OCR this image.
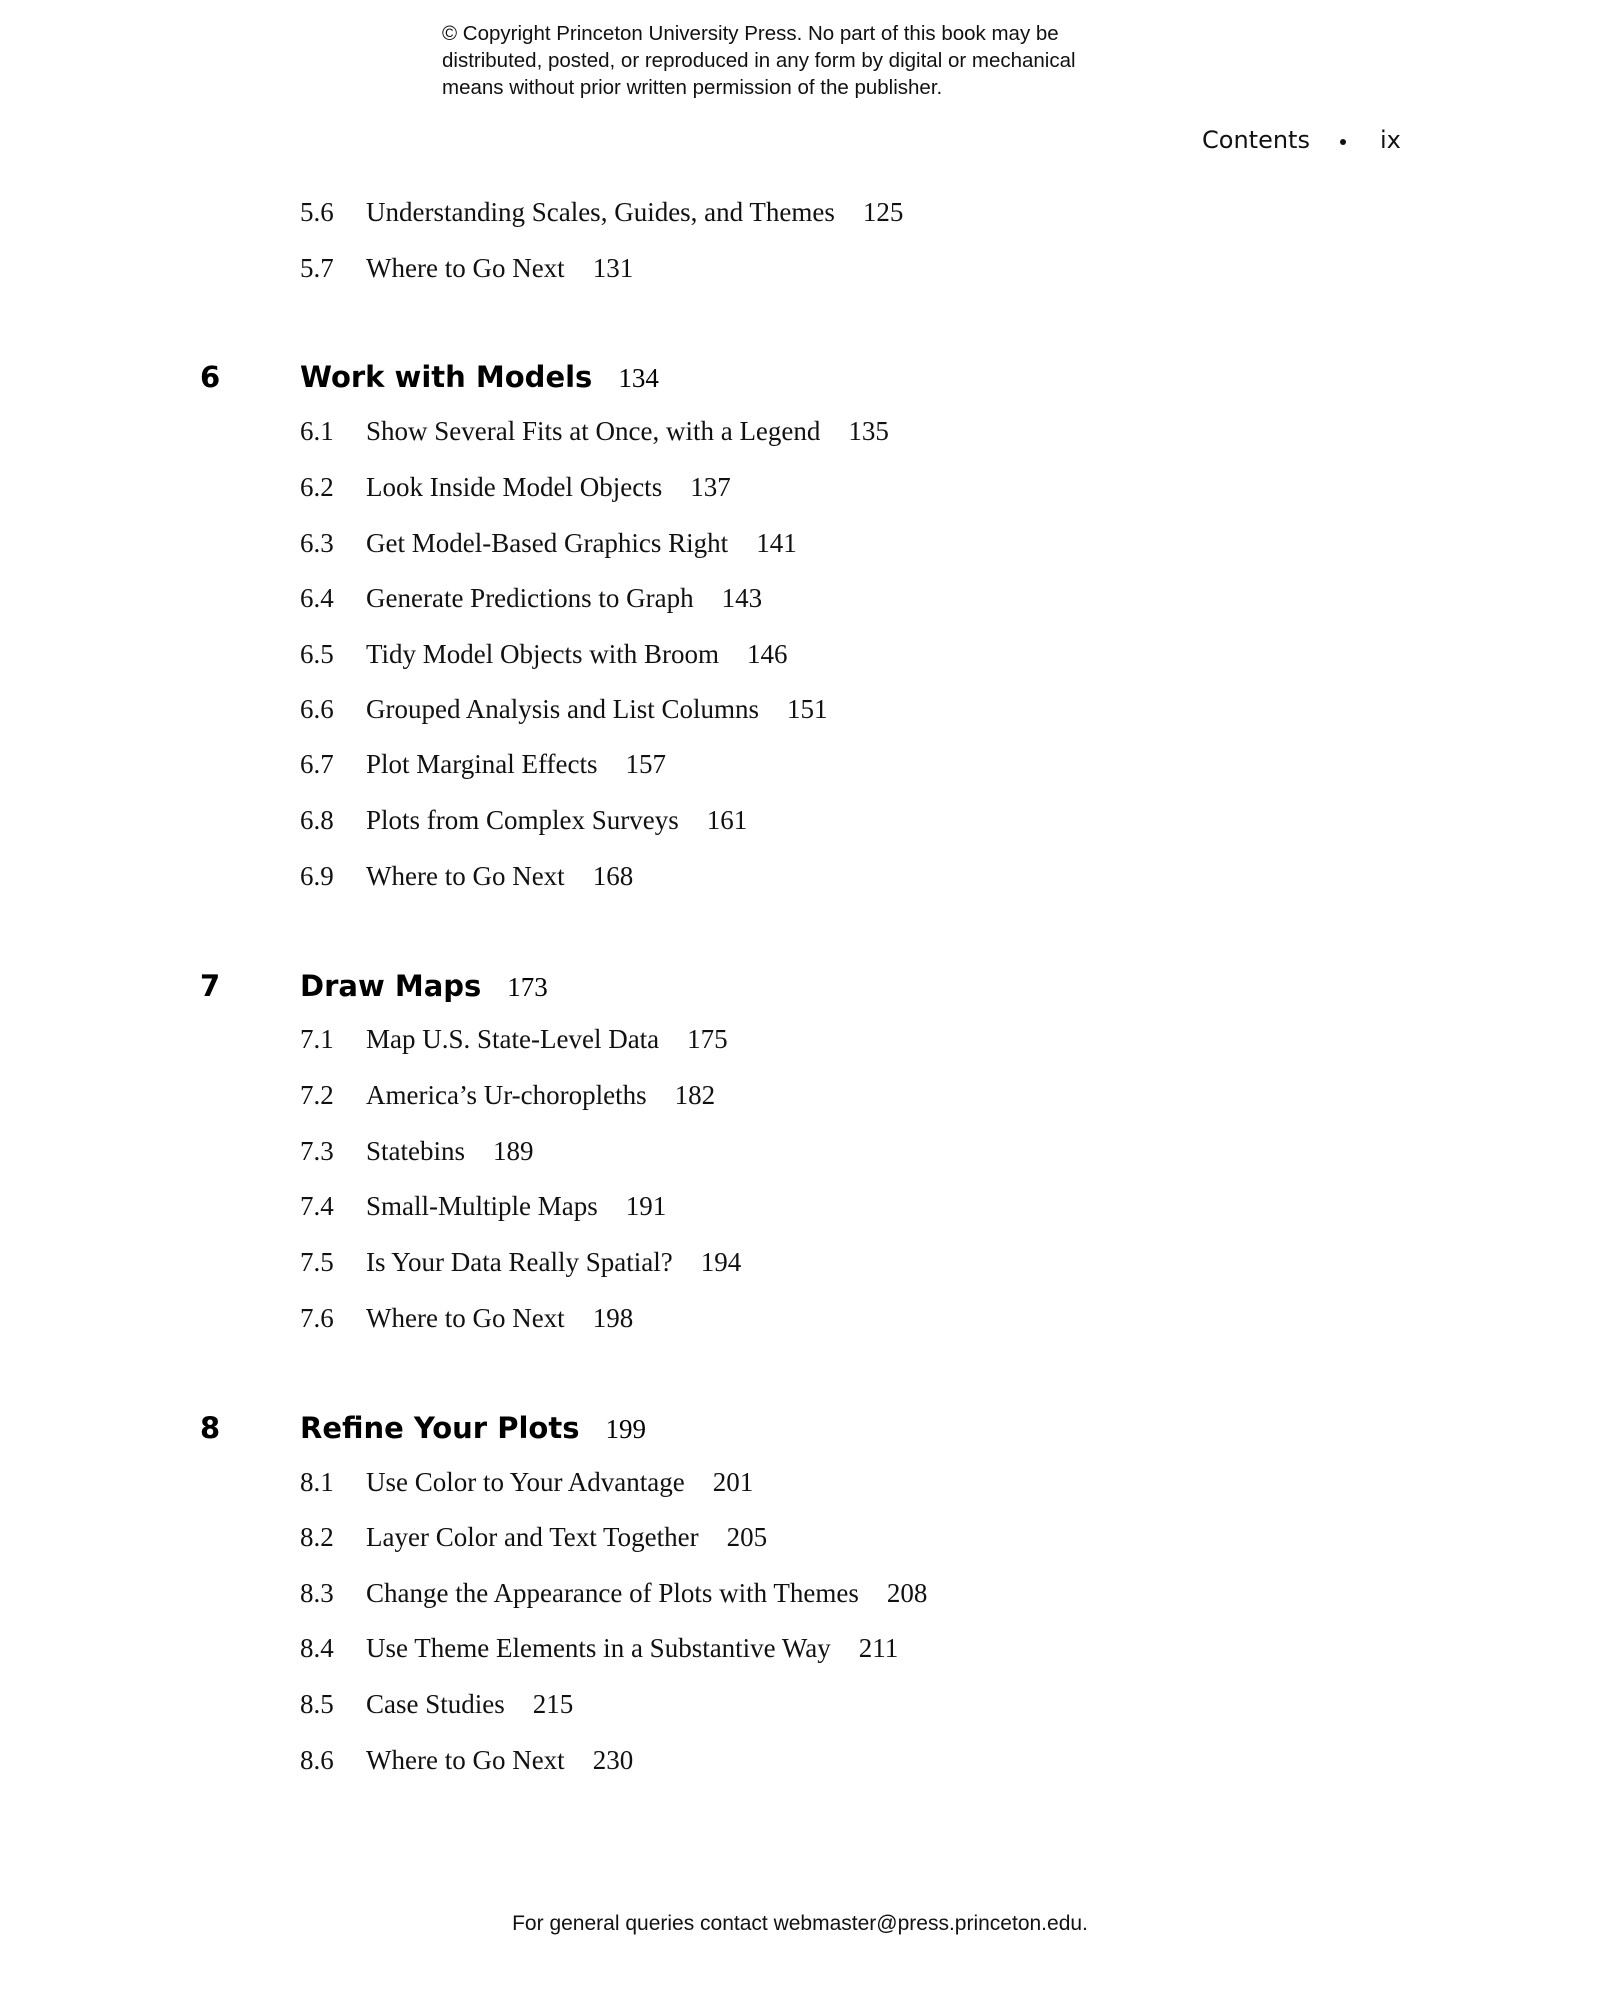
© Copyright Princeton University Press. No part of this book may be
distributed, posted, or reproduced in any form by digital or mechanical
means without prior written permission of the publisher.
Contents	ix
5.6 Understanding Scales, Guides, and Themes 125
5.7 Where to Go Next 131
6	Work with Models 134
6.1 Show Several Fits at Once, with a Legend 135
6.2 Look Inside Model Objects 137
6.3 Get Model-Based Graphics Right 141
6.4 Generate Predictions to Graph 143
6.5 Tidy Model Objects with Broom 146
6.6 Grouped Analysis and List Columns 151
6.7 Plot Marginal Effects 157
6.8 Plots from Complex Surveys 161
6.9 Where to Go Next 168
7	Draw Maps 173
7.1 Map U.S. State-Level Data 175
7.2 America’s Ur-choropleths 182
7.3 Statebins 189
7.4 Small-Multiple Maps 191
7.5 Is Your Data Really Spatial? 194
7.6 Where to Go Next 198
8	Refine Your Plots 199
8.1 Use Color to Your Advantage 201
8.2 Layer Color and Text Together 205
8.3 Change the Appearance of Plots with Themes 208
8.4 Use Theme Elements in a Substantive Way 211
8.5 Case Studies 215
8.6 Where to Go Next 230
For general queries contact webmaster@press.princeton.edu.
